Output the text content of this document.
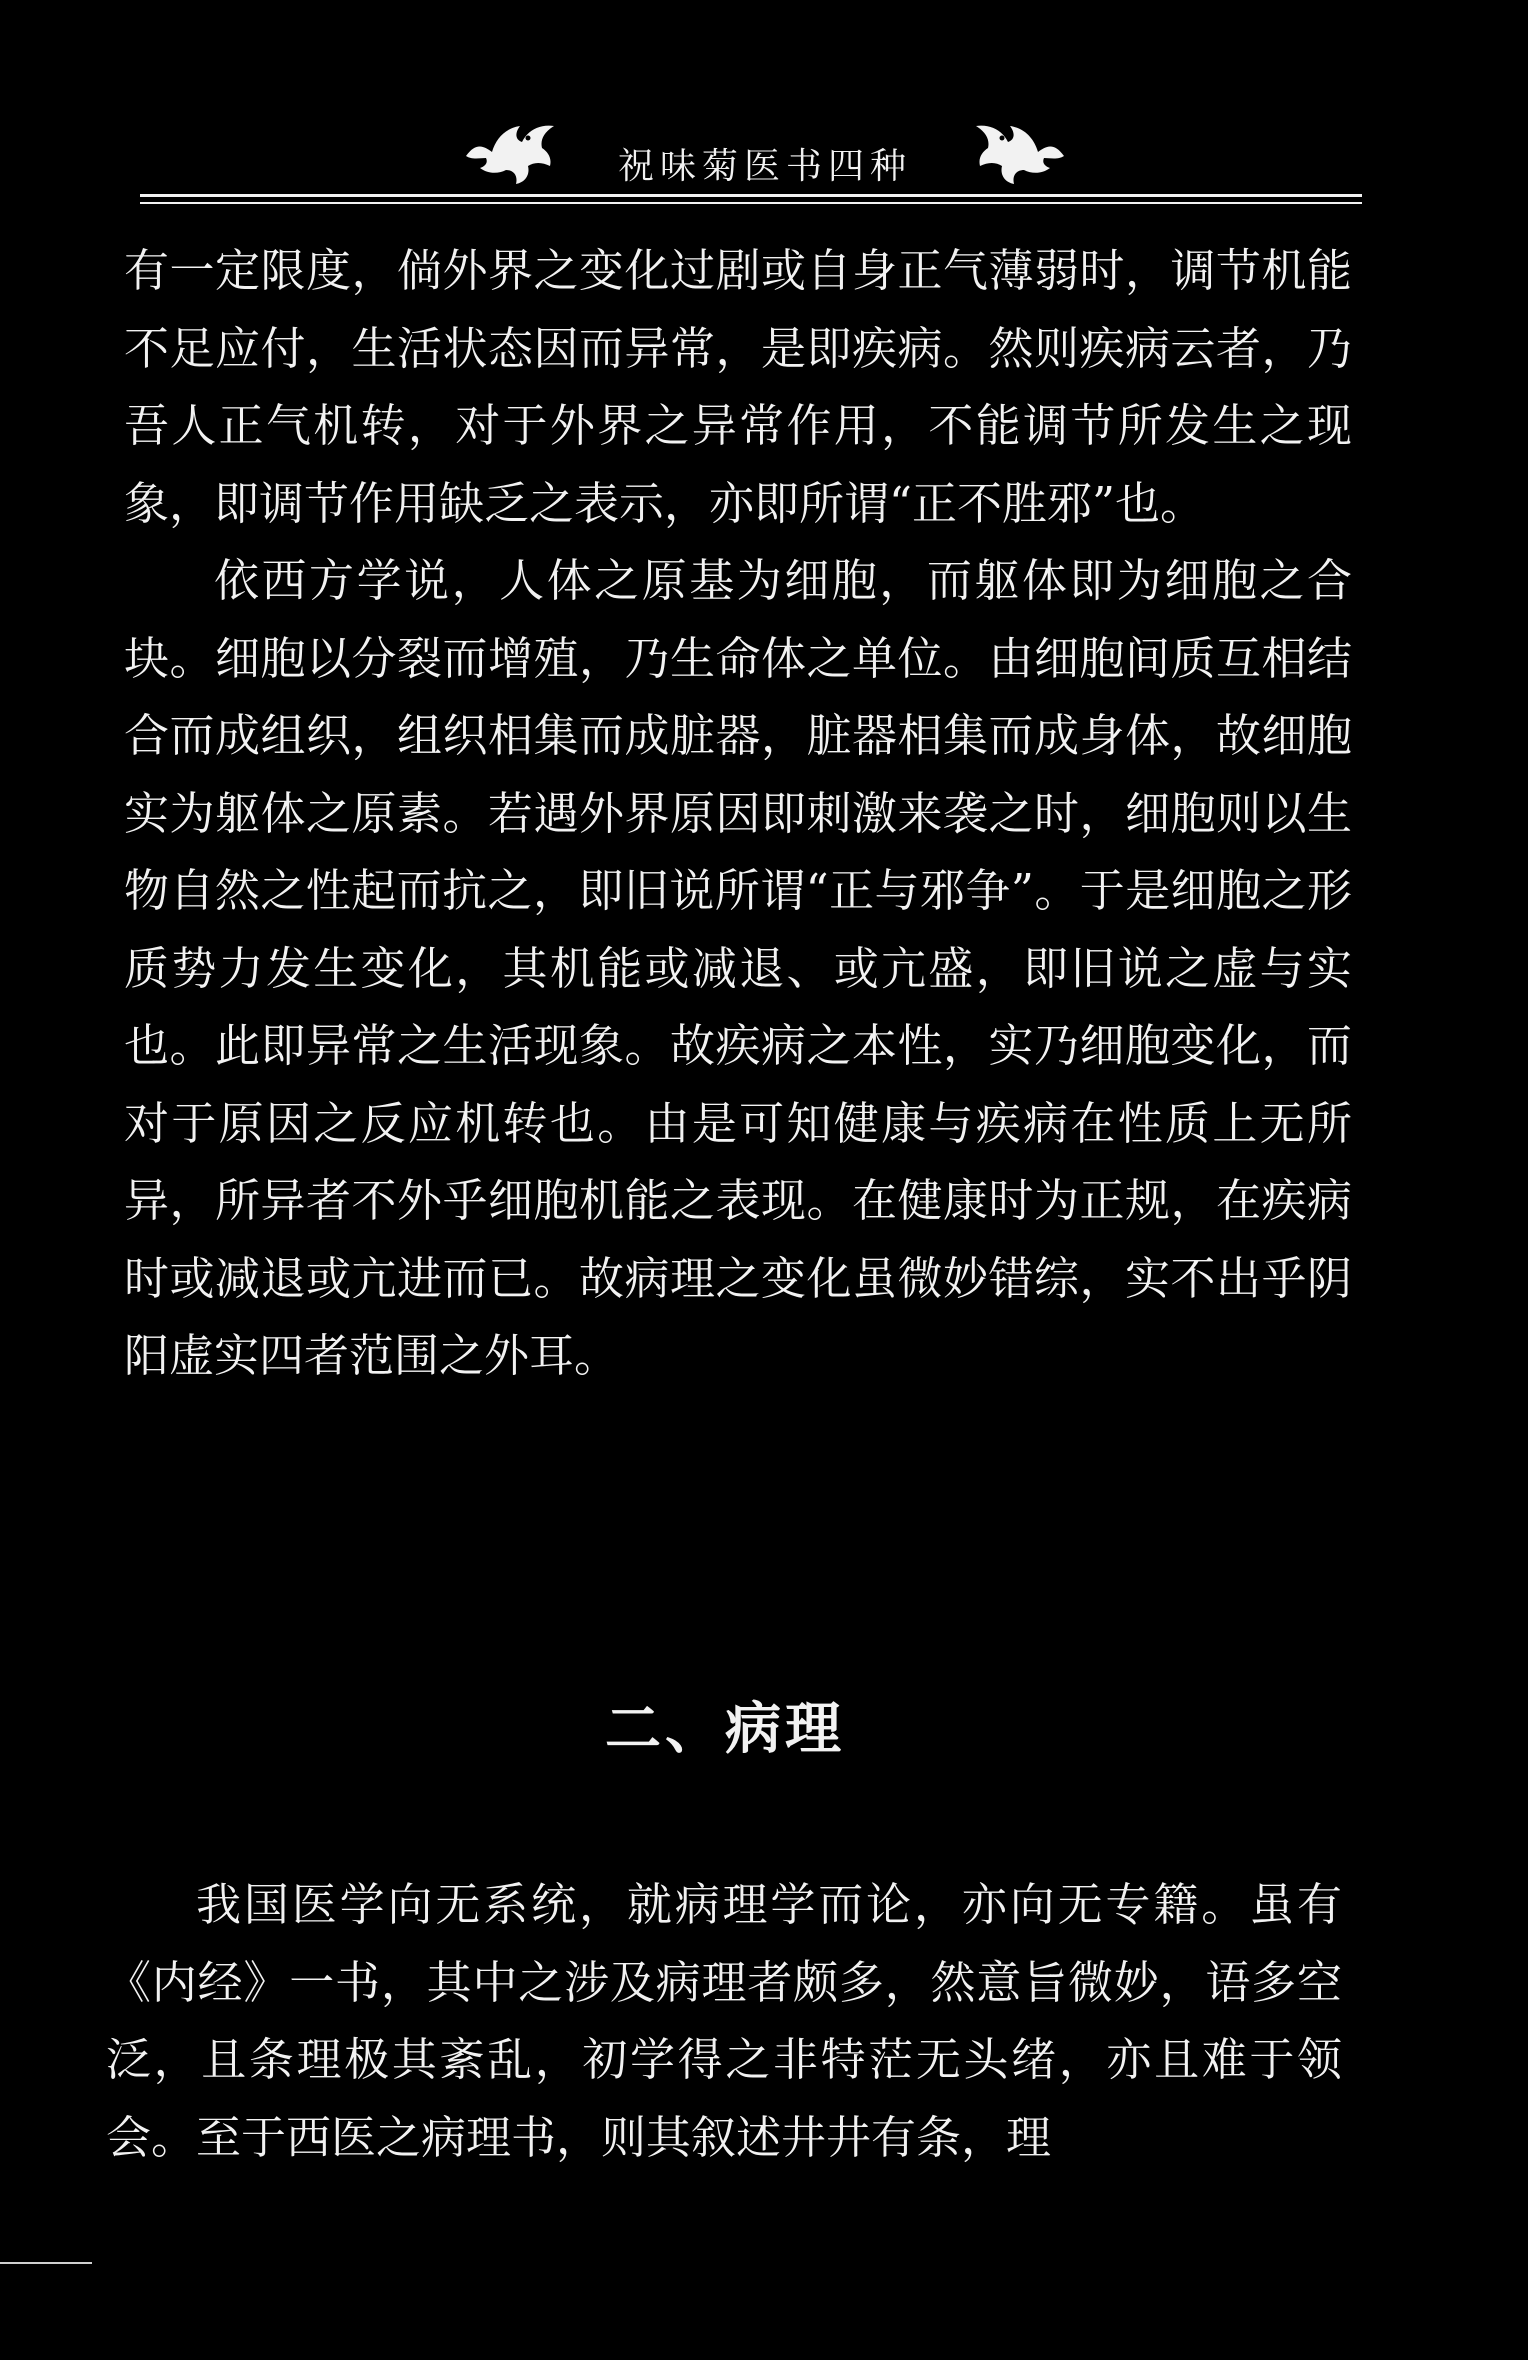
祝味菊医书四种

有一定限度，倘外界之变化过剧或自身正气薄弱时，调节机能不足应付，生活状态因而异常，是即疾病。然则疾病云者，乃吾人正气机转，对于外界之异常作用，不能调节所发生之现象，即调节作用缺乏之表示，亦即所谓“正不胜邪”也。

依西方学说，人体之原基为细胞，而躯体即为细胞之合块。细胞以分裂而增殖，乃生命体之单位。由细胞间质互相结合而成组织，组织相集而成脏器，脏器相集而成身体，故细胞实为躯体之原素。若遇外界原因即刺激来袭之时，细胞则以生物自然之性起而抗之，即旧说所谓“正与邪争”。于是细胞之形质势力发生变化，其机能或减退、或亢盛，即旧说之虚与实也。此即异常之生活现象。故疾病之本性，实乃细胞变化，而对于原因之反应机转也。由是可知健康与疾病在性质上无所异，所异者不外乎细胞机能之表现。在健康时为正规，在疾病时或减退或亢进而已。故病理之变化虽微妙错综，实不出乎阴阳虚实四者范围之外耳。

二、病理

我国医学向无系统，就病理学而论，亦向无专籍。虽有《内经》一书，其中之涉及病理者颇多，然意旨微妙，语多空泛，且条理极其紊乱，初学得之非特茫无头绪，亦且难于领会。至于西医之病理书，则其叙述井井有条，理
